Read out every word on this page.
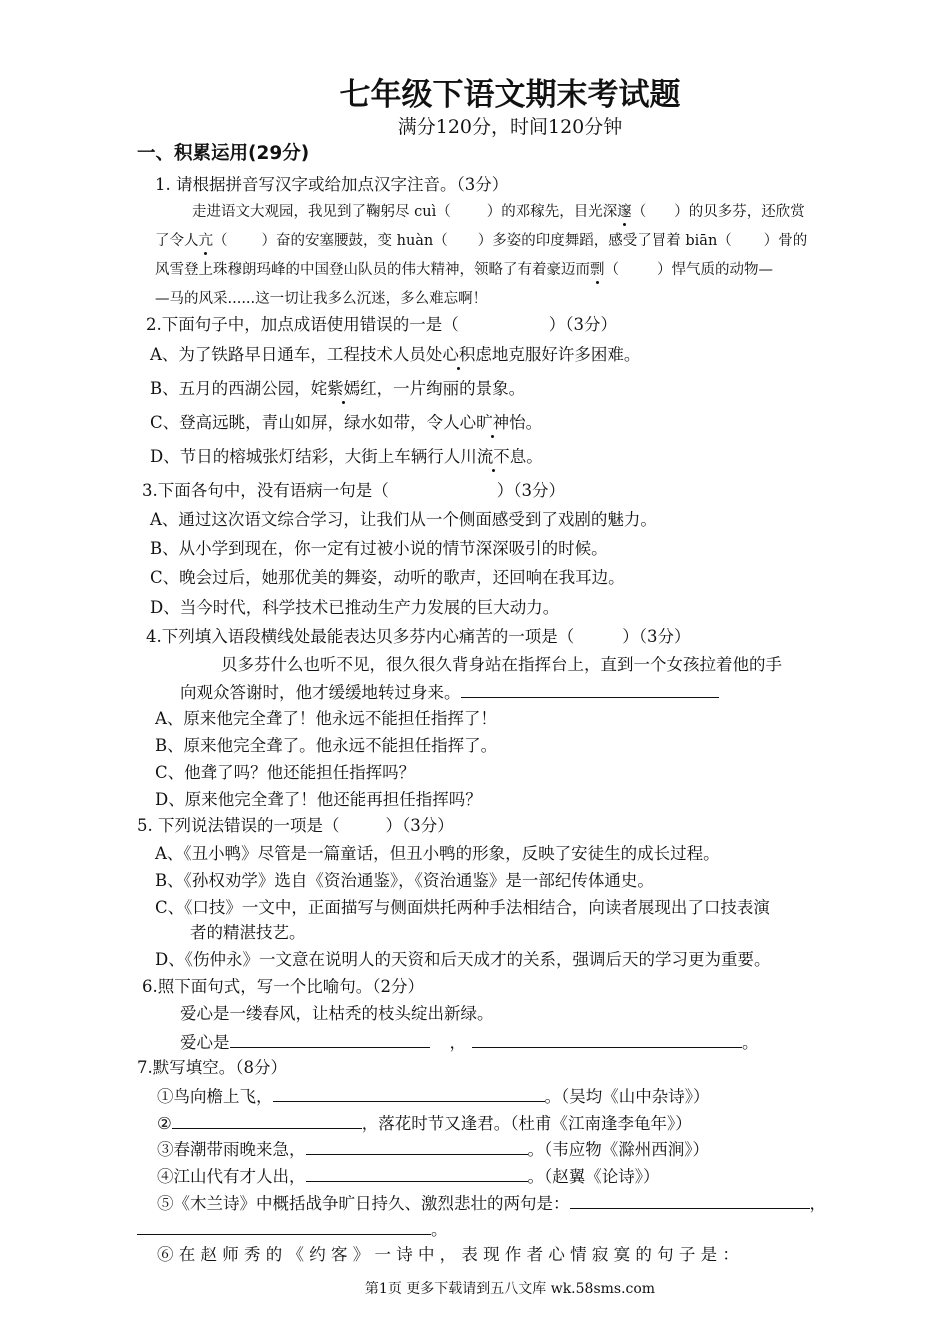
七年级下语文期末考试题
满分120分，时间120分钟
一、积累运用(29分)
1. 请根据拼音写汉字或给加点汉字注音。（3分）
走进语文大观园，我见到了鞠躬尽 cuì（ ）的邓稼先，目光深邃（ ）的贝多芬，还欣赏
了令人亢（ ）奋的安塞腰鼓，变 huàn（ ）多姿的印度舞蹈，感受了冒着 biān（ ）骨的
风雪登上珠穆朗玛峰的中国登山队员的伟大精神，领略了有着豪迈而剽（	）悍气质的动物—
—马的风采......这一切让我多么沉迷，多么难忘啊！
2.下面句子中，加点成语使用错误的一是（	）（3分）
A、为了铁路早日通车，工程技术人员处心积虑地克服好许多困难。
B、五月的西湖公园，姹紫嫣红，一片绚丽的景象。
C、登高远眺，青山如屏，绿水如带，令人心旷神怡。
D、节日的榕城张灯结彩，大街上车辆行人川流不息。
3.下面各句中，没有语病一句是（	）（3分）
A、通过这次语文综合学习，让我们从一个侧面感受到了戏剧的魅力。
B、从小学到现在，你一定有过被小说的情节深深吸引的时候。
C、晚会过后，她那优美的舞姿，动听的歌声，还回响在我耳边。
D、当今时代，科学技术已推动生产力发展的巨大动力。
4.下列填入语段横线处最能表达贝多芬内心痛苦的一项是（	）（3分）
贝多芬什么也听不见，很久很久背身站在指挥台上，直到一个女孩拉着他的手
向观众答谢时，他才缓缓地转过身来。
A、原来他完全聋了！他永远不能担任指挥了！
B、原来他完全聋了。他永远不能担任指挥了。
C、他聋了吗？他还能担任指挥吗？
D、原来他完全聋了！他还能再担任指挥吗？
5. 下列说法错误的一项是（	）（3分）
A、《丑小鸭》尽管是一篇童话，但丑小鸭的形象，反映了安徒生的成长过程。
B、《孙权劝学》选自《资治通鉴》，《资治通鉴》是一部纪传体通史。
C、《口技》一文中，正面描写与侧面烘托两种手法相结合，向读者展现出了口技表演
者的精湛技艺。
D、《伤仲永》一文意在说明人的天资和后天成才的关系，强调后天的学习更为重要。
6.照下面句式，写一个比喻句。（2分）
爱心是一缕春风，让枯秃的枝头绽出新绿。
爱心是	，	。
7.默写填空。（8分）
①鸟向檐上飞，	。（吴均《山中杂诗》）
②	，落花时节又逢君。（杜甫《江南逢李龟年》）
③春潮带雨晚来急，	。（韦应物《滁州西涧》）
④江山代有才人出，	。（赵翼《论诗》）
⑤《木兰诗》中概括战争旷日持久、激烈悲壮的两句是：	，
。
⑥ 在 赵 师 秀 的 《 约 客 》 一 诗 中 ， 表 现 作 者 心 情 寂 寞 的 句 子 是 ：
第1页 更多下载请到五八文库 wk.58sms.com
